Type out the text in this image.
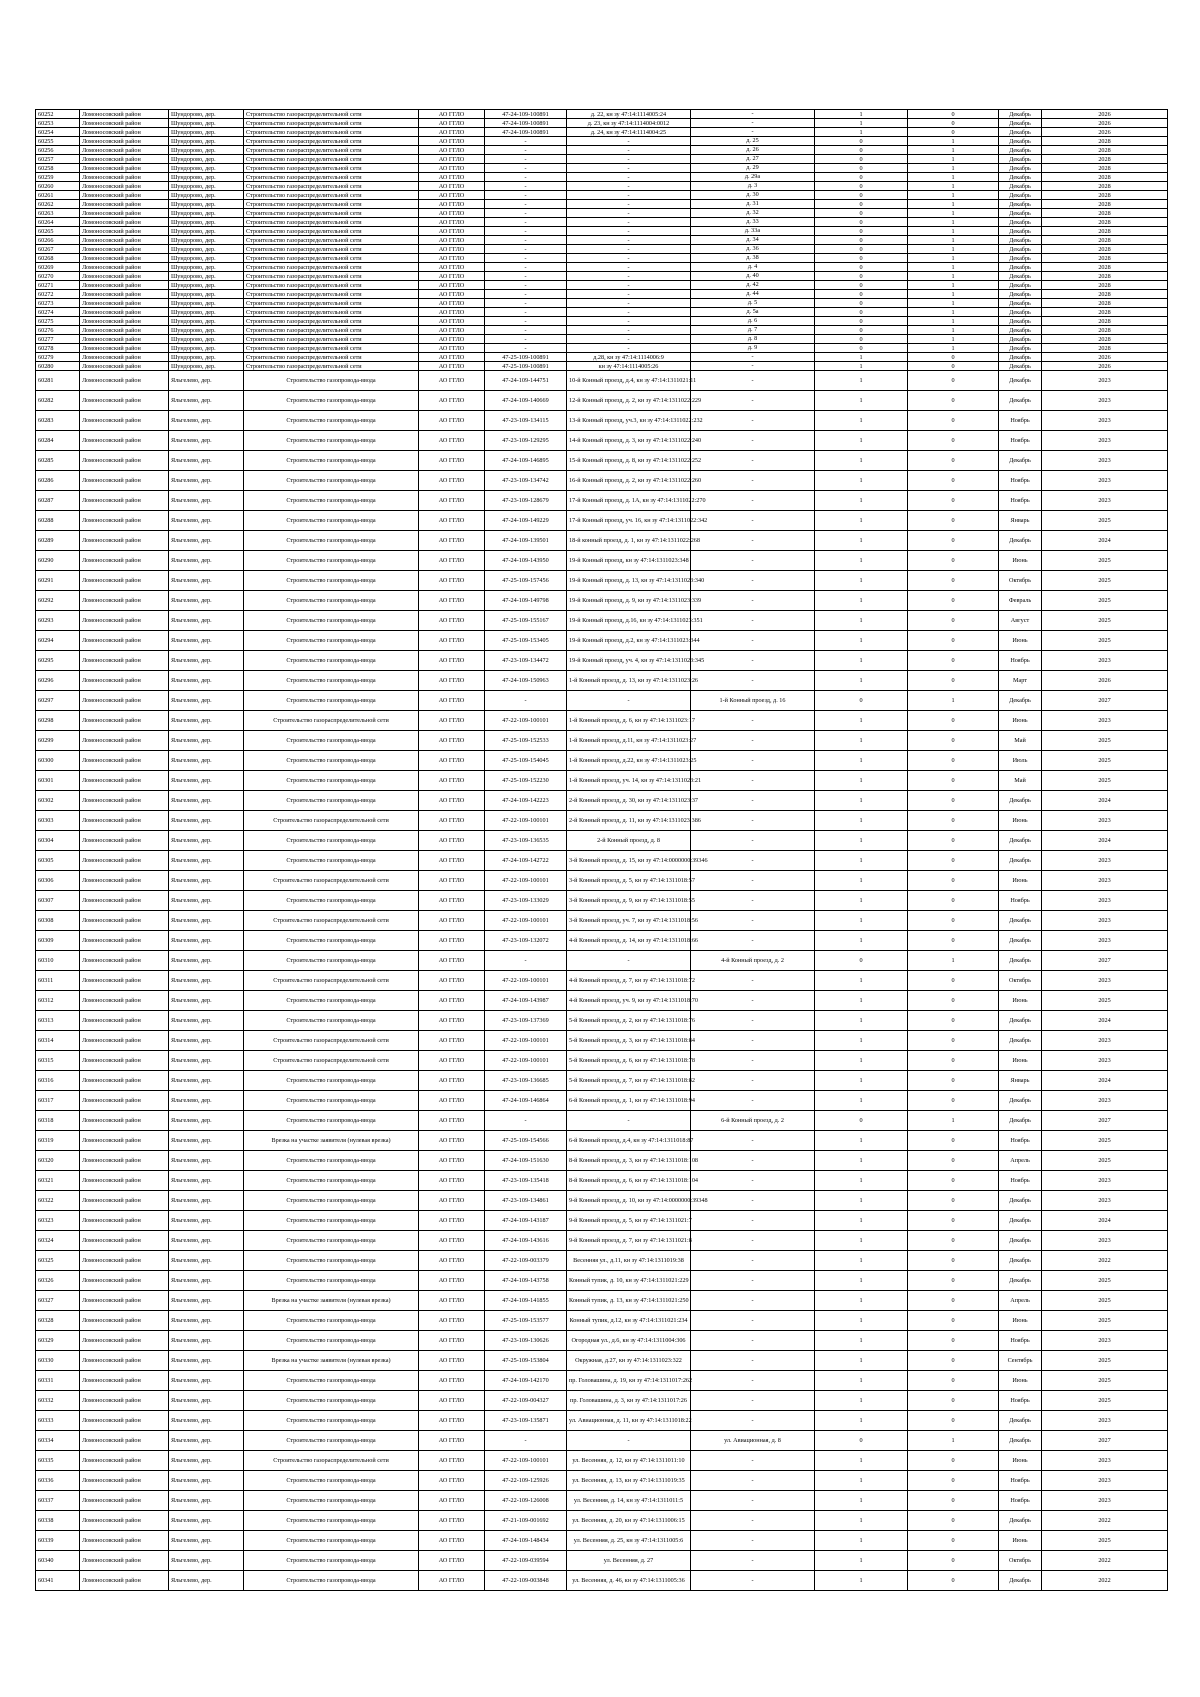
60252	Ломоносовский район	Шундорово, дер.	Строительство газораспределительной сети	АО ГГЛО	47-24-109-100891	д. 22, кн зу 47:14:1114005:24	-	1	0	Декабрь	2026
60253	Ломоносовский район	Шундорово, дер.	Строительство газораспределительной сети	АО ГГЛО	47-24-109-100891	д. 23, кн зу 47:14:1114004:0012	-	1	0	Декабрь	2026
60254	Ломоносовский район	Шундорово, дер.	Строительство газораспределительной сети	АО ГГЛО	47-24-109-100891	д. 24, кн зу 47:14:1114004:25	-	1	0	Декабрь	2026
60255	Ломоносовский район	Шундорово, дер.	Строительство газораспределительной сети	АО ГГЛО	-	-	д. 25	0	1	Декабрь	2028
60256	Ломоносовский район	Шундорово, дер.	Строительство газораспределительной сети	АО ГГЛО	-	-	д. 26	0	1	Декабрь	2028
60257	Ломоносовский район	Шундорово, дер.	Строительство газораспределительной сети	АО ГГЛО	-	-	д. 27	0	1	Декабрь	2028
60258	Ломоносовский район	Шундорово, дер.	Строительство газораспределительной сети	АО ГГЛО	-	-	д. 29	0	1	Декабрь	2028
60259	Ломоносовский район	Шундорово, дер.	Строительство газораспределительной сети	АО ГГЛО	-	-	д. 29а	0	1	Декабрь	2028
60260	Ломоносовский район	Шундорово, дер.	Строительство газораспределительной сети	АО ГГЛО	-	-	д. 3	0	1	Декабрь	2028
60261	Ломоносовский район	Шундорово, дер.	Строительство газораспределительной сети	АО ГГЛО	-	-	д. 30	0	1	Декабрь	2028
60262	Ломоносовский район	Шундорово, дер.	Строительство газораспределительной сети	АО ГГЛО	-	-	д. 31	0	1	Декабрь	2028
60263	Ломоносовский район	Шундорово, дер.	Строительство газораспределительной сети	АО ГГЛО	-	-	д. 32	0	1	Декабрь	2028
60264	Ломоносовский район	Шундорово, дер.	Строительство газораспределительной сети	АО ГГЛО	-	-	д. 33	0	1	Декабрь	2028
60265	Ломоносовский район	Шундорово, дер.	Строительство газораспределительной сети	АО ГГЛО	-	-	д. 33а	0	1	Декабрь	2028
60266	Ломоносовский район	Шундорово, дер.	Строительство газораспределительной сети	АО ГГЛО	-	-	д. 34	0	1	Декабрь	2028
60267	Ломоносовский район	Шундорово, дер.	Строительство газораспределительной сети	АО ГГЛО	-	-	д. 36	0	1	Декабрь	2028
60268	Ломоносовский район	Шундорово, дер.	Строительство газораспределительной сети	АО ГГЛО	-	-	д. 38	0	1	Декабрь	2028
60269	Ломоносовский район	Шундорово, дер.	Строительство газораспределительной сети	АО ГГЛО	-	-	д. 4	0	1	Декабрь	2028
60270	Ломоносовский район	Шундорово, дер.	Строительство газораспределительной сети	АО ГГЛО	-	-	д. 40	0	1	Декабрь	2028
60271	Ломоносовский район	Шундорово, дер.	Строительство газораспределительной сети	АО ГГЛО	-	-	д. 42	0	1	Декабрь	2028
60272	Ломоносовский район	Шундорово, дер.	Строительство газораспределительной сети	АО ГГЛО	-	-	д. 44	0	1	Декабрь	2028
60273	Ломоносовский район	Шундорово, дер.	Строительство газораспределительной сети	АО ГГЛО	-	-	д. 5	0	1	Декабрь	2028
60274	Ломоносовский район	Шундорово, дер.	Строительство газораспределительной сети	АО ГГЛО	-	-	д. 5а	0	1	Декабрь	2028
60275	Ломоносовский район	Шундорово, дер.	Строительство газораспределительной сети	АО ГГЛО	-	-	д. 6	0	1	Декабрь	2028
60276	Ломоносовский район	Шундорово, дер.	Строительство газораспределительной сети	АО ГГЛО	-	-	д. 7	0	1	Декабрь	2028
60277	Ломоносовский район	Шундорово, дер.	Строительство газораспределительной сети	АО ГГЛО	-	-	д. 8	0	1	Декабрь	2028
60278	Ломоносовский район	Шундорово, дер.	Строительство газораспределительной сети	АО ГГЛО	-	-	д. 9	0	1	Декабрь	2028
60279	Ломоносовский район	Шундорово, дер.	Строительство газораспределительной сети	АО ГГЛО	47-25-109-100891	д.28, кн зу 47:14:1114006:9	-	1	0	Декабрь	2026
60280	Ломоносовский район	Шундорово, дер.	Строительство газораспределительной сети	АО ГГЛО	47-25-109-100891	кн зу 47:14:1114005:26	-	1	0	Декабрь	2026
60281	Ломоносовский район	Яльгелево, дер.	Строительство газопровода-ввода	АО ГГЛО	47-24-109-144751	10-й Конный проезд, д.4, кн зу 47:14:1311021:11	-	1	0	Декабрь	2023
60282	Ломоносовский район	Яльгелево, дер.	Строительство газопровода-ввода	АО ГГЛО	47-24-109-140669	12-й Конный проезд, д. 2, кн зу 47:14:1311022:229	-	1	0	Декабрь	2023
60283	Ломоносовский район	Яльгелево, дер.	Строительство газопровода-ввода	АО ГГЛО	47-23-109-134115	13-й Конный проезд, уч.3, кн зу 47:14:1311022:232	-	1	0	Ноябрь	2023
60284	Ломоносовский район	Яльгелево, дер.	Строительство газопровода-ввода	АО ГГЛО	47-23-109-129295	14-й Конный проезд, д. 3, кн зу 47:14:1311022:240	-	1	0	Ноябрь	2023
60285	Ломоносовский район	Яльгелево, дер.	Строительство газопровода-ввода	АО ГГЛО	47-24-109-146895	15-й Конный проезд, д. 8, кн зу 47:14:1311022:252	-	1	0	Декабрь	2023
60286	Ломоносовский район	Яльгелево, дер.	Строительство газопровода-ввода	АО ГГЛО	47-23-109-134742	16-й Конный проезд, д. 2, кн зу 47:14:1311022:260	-	1	0	Ноябрь	2023
60287	Ломоносовский район	Яльгелево, дер.	Строительство газопровода-ввода	АО ГГЛО	47-23-109-128679	17-й Конный проезд, д. 1А, кн зу 47:14:1311022:270	-	1	0	Ноябрь	2023
60288	Ломоносовский район	Яльгелево, дер.	Строительство газопровода-ввода	АО ГГЛО	47-24-109-149229	17-й Конный проезд, уч. 16, кн зу 47:14:1311022:342	-	1	0	Январь	2025
60289	Ломоносовский район	Яльгелево, дер.	Строительство газопровода-ввода	АО ГГЛО	47-24-109-139501	18-й конный проезд, д. 1, кн зу 47:14:1311022:268	-	1	0	Декабрь	2024
60290	Ломоносовский район	Яльгелево, дер.	Строительство газопровода-ввода	АО ГГЛО	47-24-109-143950	19-й Конный проезд, кн зу 47:14:1311023:348	-	1	0	Июнь	2025
60291	Ломоносовский район	Яльгелево, дер.	Строительство газопровода-ввода	АО ГГЛО	47-25-109-157456	19-й Конный проезд, д. 13, кн зу 47:14:1311023:340	-	1	0	Октябрь	2025
60292	Ломоносовский район	Яльгелево, дер.	Строительство газопровода-ввода	АО ГГЛО	47-24-109-149798	19-й Конный проезд, д. 9, кн зу 47:14:1311023:339	-	1	0	Февраль	2025
60293	Ломоносовский район	Яльгелево, дер.	Строительство газопровода-ввода	АО ГГЛО	47-25-109-155167	19-й Конный проезд, д.16, кн зу 47:14:1311023:351	-	1	0	Август	2025
60294	Ломоносовский район	Яльгелево, дер.	Строительство газопровода-ввода	АО ГГЛО	47-25-109-153405	19-й Конный проезд, д.2, кн зу 47:14:1311023:344	-	1	0	Июнь	2025
60295	Ломоносовский район	Яльгелево, дер.	Строительство газопровода-ввода	АО ГГЛО	47-23-109-134472	19-й Конный проезд, уч. 4, кн зу 47:14:1311023:345	-	1	0	Ноябрь	2023
60296	Ломоносовский район	Яльгелево, дер.	Строительство газопровода-ввода	АО ГГЛО	47-24-109-150963	1-й Конный проезд, д. 13, кн зу 47:14:1311023:26	-	1	0	Март	2026
60297	Ломоносовский район	Яльгелево, дер.	Строительство газопровода-ввода	АО ГГЛО	-	-	1-й Конный проезд, д. 16	0	1	Декабрь	2027
60298	Ломоносовский район	Яльгелево, дер.	Строительство газораспределительной сети	АО ГГЛО	47-22-109-100101	1-й Конный проезд, д. 6, кн зу 47:14:1311023:17	-	1	0	Июнь	2023
60299	Ломоносовский район	Яльгелево, дер.	Строительство газопровода-ввода	АО ГГЛО	47-25-109-152533	1-й Конный проезд, д.11, кн зу 47:14:1311023:27	-	1	0	Май	2025
60300	Ломоносовский район	Яльгелево, дер.	Строительство газопровода-ввода	АО ГГЛО	47-25-109-154045	1-й Конный проезд, д.22, кн зу 47:14:1311023:25	-	1	0	Июль	2025
60301	Ломоносовский район	Яльгелево, дер.	Строительство газопровода-ввода	АО ГГЛО	47-25-109-152230	1-й Конный проезд, уч. 14, кн зу 47:14:1311023:21	-	1	0	Май	2025
60302	Ломоносовский район	Яльгелево, дер.	Строительство газопровода-ввода	АО ГГЛО	47-24-109-142223	2-й Конный проезд, д. 30, кн зу 47:14:1311023:37	-	1	0	Декабрь	2024
60303	Ломоносовский район	Яльгелево, дер.	Строительство газораспределительной сети	АО ГГЛО	47-22-109-100101	2-й Конный проезд, д. 11, кн зу 47:14:1311023:386	-	1	0	Июнь	2023
60304	Ломоносовский район	Яльгелево, дер.	Строительство газопровода-ввода	АО ГГЛО	47-23-109-136535	2-й Конный проезд, д. 8	-	1	0	Декабрь	2024
60305	Ломоносовский район	Яльгелево, дер.	Строительство газопровода-ввода	АО ГГЛО	47-24-109-142722	3-й Конный проезд, д. 15, кн зу 47:14:0000000:39346	-	1	0	Декабрь	2023
60306	Ломоносовский район	Яльгелево, дер.	Строительство газораспределительной сети	АО ГГЛО	47-22-109-100101	3-й Конный проезд, д. 5, кн зу 47:14:1311018:57	-	1	0	Июнь	2023
60307	Ломоносовский район	Яльгелево, дер.	Строительство газопровода-ввода	АО ГГЛО	47-23-109-133029	3-й Конный проезд, д. 9, кн зу 47:14:1311018:55	-	1	0	Ноябрь	2023
60308	Ломоносовский район	Яльгелево, дер.	Строительство газораспределительной сети	АО ГГЛО	47-22-109-100101	3-й Конный проезд, уч. 7, кн зу 47:14:1311018:56	-	1	0	Декабрь	2023
60309	Ломоносовский район	Яльгелево, дер.	Строительство газопровода-ввода	АО ГГЛО	47-23-109-132072	4-й Конный проезд, д. 14, кн зу 47:14:1311018:66	-	1	0	Декабрь	2023
60310	Ломоносовский район	Яльгелево, дер.	Строительство газопровода-ввода	АО ГГЛО	-	-	4-й Конный проезд, д. 2	0	1	Декабрь	2027
60311	Ломоносовский район	Яльгелево, дер.	Строительство газораспределительной сети	АО ГГЛО	47-22-109-100101	4-й Конный проезд, д. 7, кн зу 47:14:1311018:72	-	1	0	Октябрь	2023
60312	Ломоносовский район	Яльгелево, дер.	Строительство газопровода-ввода	АО ГГЛО	47-24-109-143987	4-й Конный проезд, уч. 9, кн зу 47:14:1311018:70	-	1	0	Июнь	2025
60313	Ломоносовский район	Яльгелево, дер.	Строительство газопровода-ввода	АО ГГЛО	47-23-109-137369	5-й Конный проезд, д. 2, кн зу 47:14:1311018:76	-	1	0	Декабрь	2024
60314	Ломоносовский район	Яльгелево, дер.	Строительство газораспределительной сети	АО ГГЛО	47-22-109-100101	5-й Конный проезд, д. 3, кн зу 47:14:1311018:84	-	1	0	Декабрь	2023
60315	Ломоносовский район	Яльгелево, дер.	Строительство газораспределительной сети	АО ГГЛО	47-22-109-100101	5-й Конный проезд, д. 6, кн зу 47:14:1311018:78	-	1	0	Июнь	2023
60316	Ломоносовский район	Яльгелево, дер.	Строительство газопровода-ввода	АО ГГЛО	47-23-109-136685	5-й Конный проезд, д. 7, кн зу 47:14:1311018:82	-	1	0	Январь	2024
60317	Ломоносовский район	Яльгелево, дер.	Строительство газопровода-ввода	АО ГГЛО	47-24-109-146864	6-й Конный проезд, д. 1, кн зу 47:14:1311018:94	-	1	0	Декабрь	2023
60318	Ломоносовский район	Яльгелево, дер.	Строительство газопровода-ввода	АО ГГЛО	-	-	6-й Конный проезд, д. 2	0	1	Декабрь	2027
60319	Ломоносовский район	Яльгелево, дер.	Врезка на участке заявителя (нулевая врезка)	АО ГГЛО	47-25-109-154566	6-й Конный проезд, д.4, кн зу 47:14:1311018:87	-	1	0	Ноябрь	2025
60320	Ломоносовский район	Яльгелево, дер.	Строительство газопровода-ввода	АО ГГЛО	47-24-109-151630	8-й Конный проезд, д. 3, кн зу 47:14:1311018:108	-	1	0	Апрель	2025
60321	Ломоносовский район	Яльгелево, дер.	Строительство газопровода-ввода	АО ГГЛО	47-23-109-135418	8-й Конный проезд, д. 6, кн зу 47:14:1311018:104	-	1	0	Ноябрь	2023
60322	Ломоносовский район	Яльгелево, дер.	Строительство газопровода-ввода	АО ГГЛО	47-23-109-134861	9-й Конный проезд, д. 10, кн зу 47:14:0000000:39348	-	1	0	Декабрь	2023
60323	Ломоносовский район	Яльгелево, дер.	Строительство газопровода-ввода	АО ГГЛО	47-24-109-143187	9-й Конный проезд, д. 5, кн зу 47:14:1311021:7	-	1	0	Декабрь	2024
60324	Ломоносовский район	Яльгелево, дер.	Строительство газопровода-ввода	АО ГГЛО	47-24-109-143616	9-й Конный проезд, д. 7, кн зу 47:14:1311021:8	-	1	0	Декабрь	2023
60325	Ломоносовский район	Яльгелево, дер.	Строительство газопровода-ввода	АО ГГЛО	47-22-109-003379	Весенняя ул., д.11, кн зу 47:14:1311019:38	-	1	0	Декабрь	2022
60326	Ломоносовский район	Яльгелево, дер.	Строительство газопровода-ввода	АО ГГЛО	47-24-109-143758	Конный тупик, д. 10, кн зу 47:14:1311021:229	-	1	0	Декабрь	2025
60327	Ломоносовский район	Яльгелево, дер.	Врезка на участке заявителя (нулевая врезка)	АО ГГЛО	47-24-109-141855	Конный тупик, д. 13, кн зу 47:14:1311021:250	-	1	0	Апрель	2025
60328	Ломоносовский район	Яльгелево, дер.	Строительство газопровода-ввода	АО ГГЛО	47-25-109-153577	Конный тупик, д.12, кн зу 47:14:1311021:234	-	1	0	Июнь	2025
60329	Ломоносовский район	Яльгелево, дер.	Строительство газопровода-ввода	АО ГГЛО	47-23-109-130626	Огородная ул., д.6, кн зу 47:14:1311004:306	-	1	0	Ноябрь	2023
60330	Ломоносовский район	Яльгелево, дер.	Врезка на участке заявителя (нулевая врезка)	АО ГГЛО	47-25-109-153804	Окружная, д.27, кн зу 47:14:1311023:322	-	1	0	Сентябрь	2025
60331	Ломоносовский район	Яльгелево, дер.	Строительство газопровода-ввода	АО ГГЛО	47-24-109-142170	пр. Головашина, д. 19, кн зу 47:14:1311017:262	-	1	0	Июнь	2025
60332	Ломоносовский район	Яльгелево, дер.	Строительство газопровода-ввода	АО ГГЛО	47-22-109-004327	пр. Головашина, д. 3, кн зу 47:14:1311017:26	-	1	0	Ноябрь	2025
60333	Ломоносовский район	Яльгелево, дер.	Строительство газопровода-ввода	АО ГГЛО	47-23-109-135871	ул. Авиационная, д. 11, кн зу 47:14:1311018:22	-	1	0	Декабрь	2023
60334	Ломоносовский район	Яльгелево, дер.	Строительство газопровода-ввода	АО ГГЛО	-	-	ул. Авиационная, д. 8	0	1	Декабрь	2027
60335	Ломоносовский район	Яльгелево, дер.	Строительство газораспределительной сети	АО ГГЛО	47-22-109-100101	ул. Весенняя, д. 12, кн зу 47:14:1311011:10	-	1	0	Июнь	2023
60336	Ломоносовский район	Яльгелево, дер.	Строительство газопровода-ввода	АО ГГЛО	47-22-109-125926	ул. Весенняя, д. 13, кн зу 47:14:1311019:35	-	1	0	Ноябрь	2023
60337	Ломоносовский район	Яльгелево, дер.	Строительство газопровода-ввода	АО ГГЛО	47-22-109-126008	ул. Весенняя, д. 14, кн зу 47:14:1311011:5	-	1	0	Ноябрь	2023
60338	Ломоносовский район	Яльгелево, дер.	Строительство газопровода-ввода	АО ГГЛО	47-21-109-001692	ул. Весенняя, д. 20, кн зу 47:14:1311006:15	-	1	0	Декабрь	2022
60339	Ломоносовский район	Яльгелево, дер.	Строительство газопровода-ввода	АО ГГЛО	47-24-109-148434	ул. Весенняя, д. 25, кн зу 47:14:1311005:6	-	1	0	Июнь	2025
60340	Ломоносовский район	Яльгелево, дер.	Строительство газопровода-ввода	АО ГГЛО	47-22-109-039594	ул. Весенняя, д. 27	-	1	0	Октябрь	2022
60341	Ломоносовский район	Яльгелево, дер.	Строительство газопровода-ввода	АО ГГЛО	47-22-109-003848	ул. Весенняя, д. 46, кн зу 47:14:1311005:36	-	1	0	Декабрь	2022
